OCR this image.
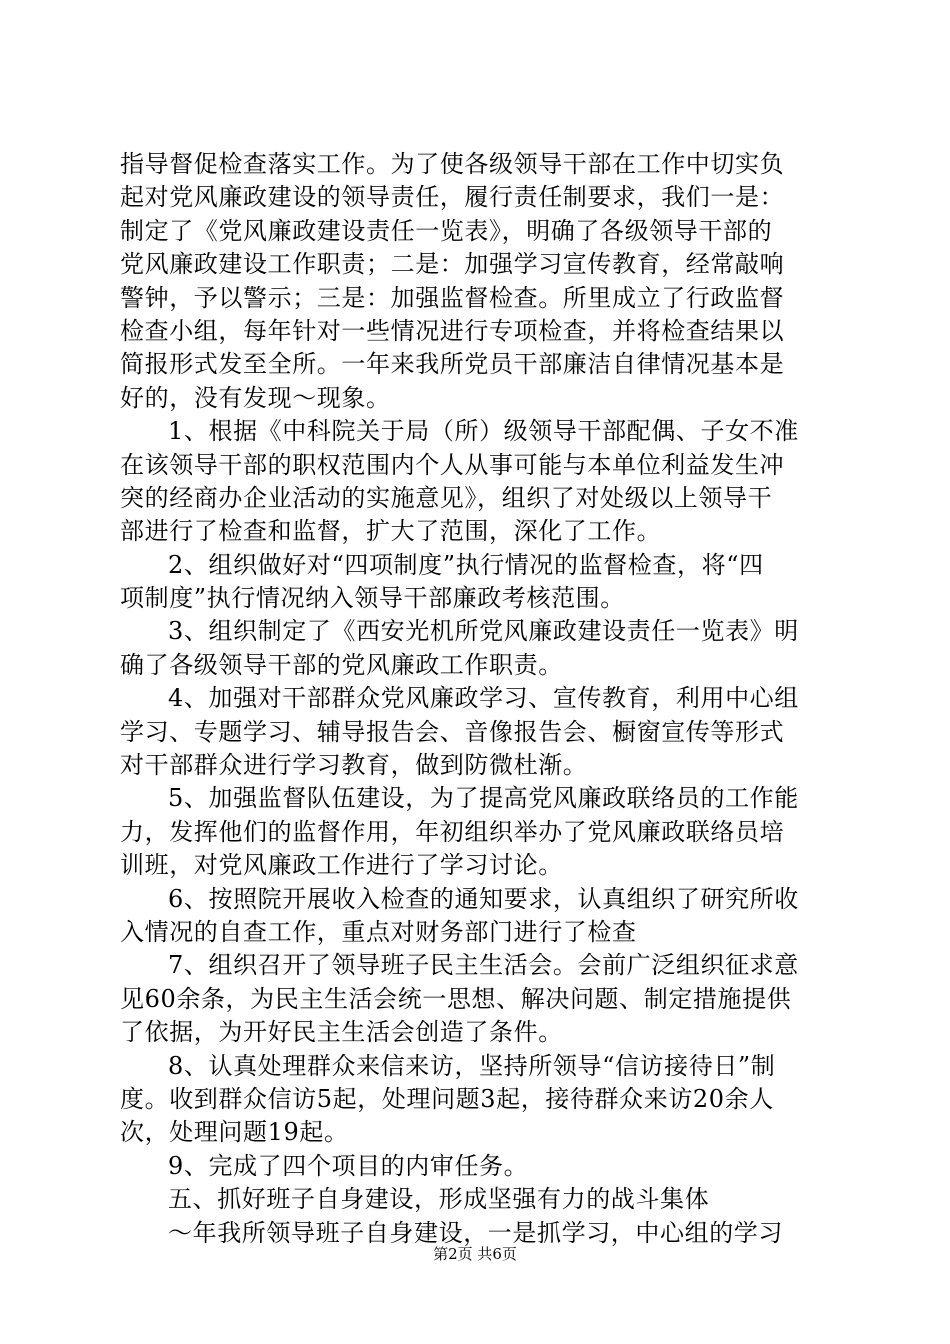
指导督促检查落实工作。为了使各级领导干部在工作中切实负
起对党风廉政建设的领导责任，履行责任制要求，我们一是：
制定了《党风廉政建设责任一览表》，明确了各级领导干部的
党风廉政建设工作职责；二是：加强学习宣传教育，经常敲响
警钟，予以警示；三是：加强监督检查。所里成立了行政监督
检查小组，每年针对一些情况进行专项检查，并将检查结果以
简报形式发至全所。一年来我所党员干部廉洁自律情况基本是
好的，没有发现～现象。
1、根据《中科院关于局（所）级领导干部配偶、子女不准
在该领导干部的职权范围内个人从事可能与本单位利益发生冲
突的经商办企业活动的实施意见》，组织了对处级以上领导干
部进行了检查和监督，扩大了范围，深化了工作。
2、组织做好对“四项制度”执行情况的监督检查，将“四
项制度”执行情况纳入领导干部廉政考核范围。
3、组织制定了《西安光机所党风廉政建设责任一览表》明
确了各级领导干部的党风廉政工作职责。
4、加强对干部群众党风廉政学习、宣传教育，利用中心组
学习、专题学习、辅导报告会、音像报告会、橱窗宣传等形式
对干部群众进行学习教育，做到防微杜渐。
5、加强监督队伍建设，为了提高党风廉政联络员的工作能
力，发挥他们的监督作用，年初组织举办了党风廉政联络员培
训班，对党风廉政工作进行了学习讨论。
6、按照院开展收入检查的通知要求，认真组织了研究所收
入情况的自查工作，重点对财务部门进行了检查
7、组织召开了领导班子民主生活会。会前广泛组织征求意
见60余条，为民主生活会统一思想、解决问题、制定措施提供
了依据，为开好民主生活会创造了条件。
8、认真处理群众来信来访，坚持所领导“信访接待日”制
度。收到群众信访5起，处理问题3起，接待群众来访20余人
次，处理问题19起。
9、完成了四个项目的内审任务。
五、抓好班子自身建设，形成坚强有力的战斗集体
～年我所领导班子自身建设，一是抓学习，中心组的学习
第2页 共6页
